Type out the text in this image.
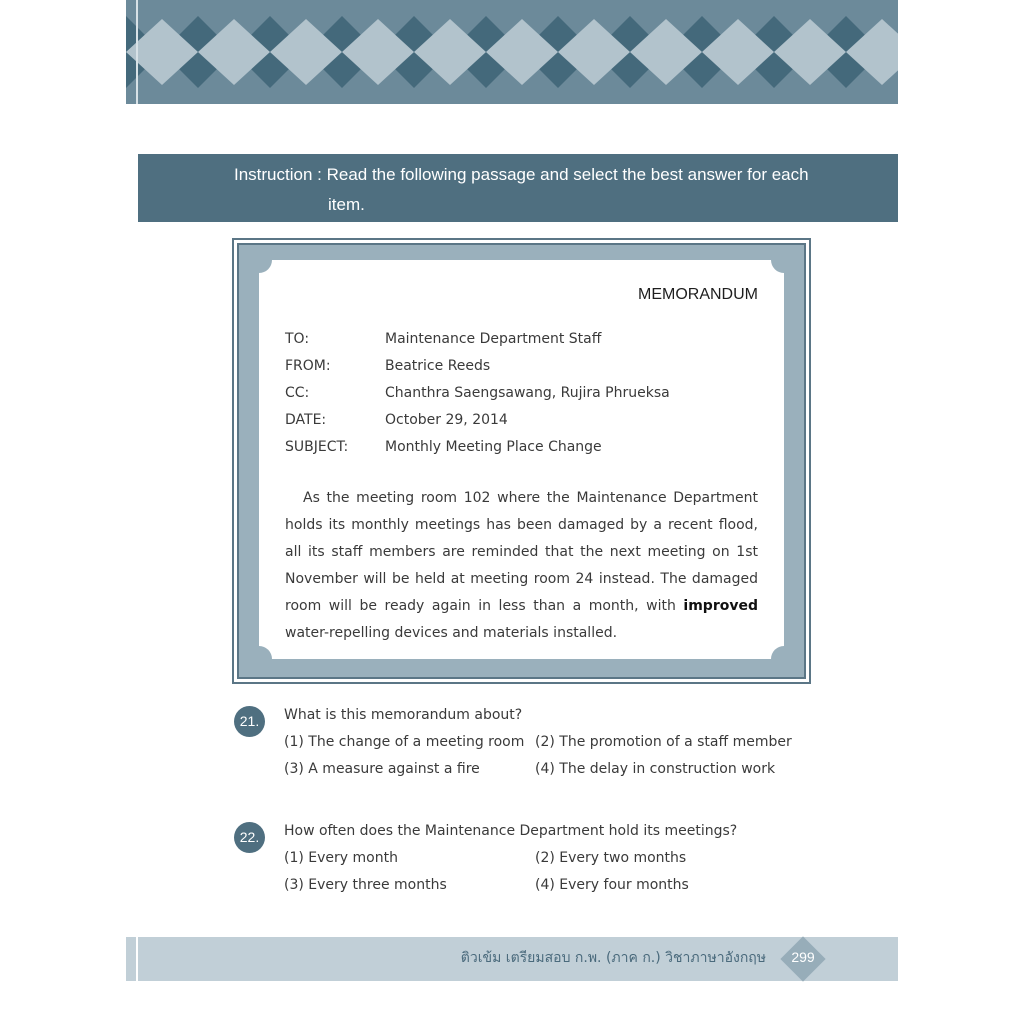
Instruction : Read the following passage and select the best answer for each
item.
MEMORANDUM
TO:	Maintenance Department Staff
FROM:	Beatrice Reeds
CC:	Chanthra Saengsawang, Rujira Phrueksa
DATE:	October 29, 2014
SUBJECT:	Monthly Meeting Place Change

As the meeting room 102 where the Maintenance Department holds its monthly meetings has been damaged by a recent flood, all its staff members are reminded that the next meeting on 1st November will be held at meeting room 24 instead. The damaged room will be ready again in less than a month, with improved water-repelling devices and materials installed.

21.	What is this memorandum about?
(1) The change of a meeting room (2) The promotion of a staff member
(3) A measure against a fire	(4) The delay in construction work
22.	How often does the Maintenance Department hold its meetings?
(1) Every month	(2) Every two months
(3) Every three months	(4) Every four months
ติวเข้ม เตรียมสอบ ก.พ. (ภาค ก.) วิชาภาษาอังกฤษ	299
